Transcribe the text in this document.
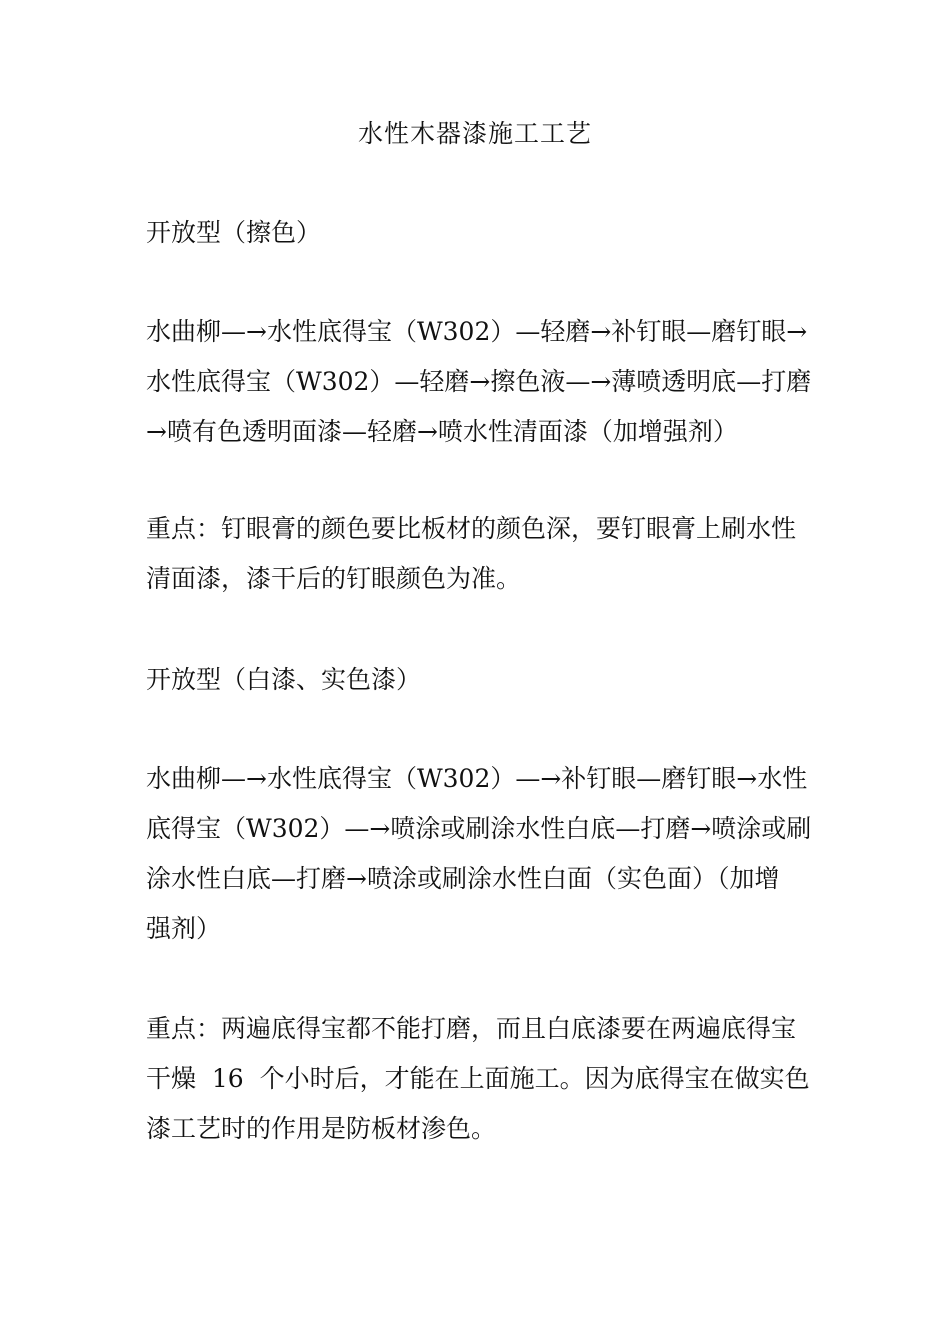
水性木器漆施工工艺
开放型（擦色）
水曲柳—→水性底得宝（W302）—轻磨→补钉眼—磨钉眼→
水性底得宝（W302）—轻磨→擦色液—→薄喷透明底—打磨
→喷有色透明面漆—轻磨→喷水性清面漆（加增强剂）
重点：钉眼膏的颜色要比板材的颜色深，要钉眼膏上刷水性
清面漆，漆干后的钉眼颜色为准。
开放型（白漆、实色漆）
水曲柳—→水性底得宝（W302）—→补钉眼—磨钉眼→水性
底得宝（W302）—→喷涂或刷涂水性白底—打磨→喷涂或刷
涂水性白底—打磨→喷涂或刷涂水性白面（实色面）（加增
强剂）
重点：两遍底得宝都不能打磨，而且白底漆要在两遍底得宝
干燥  16  个小时后，才能在上面施工。因为底得宝在做实色
漆工艺时的作用是防板材渗色。
